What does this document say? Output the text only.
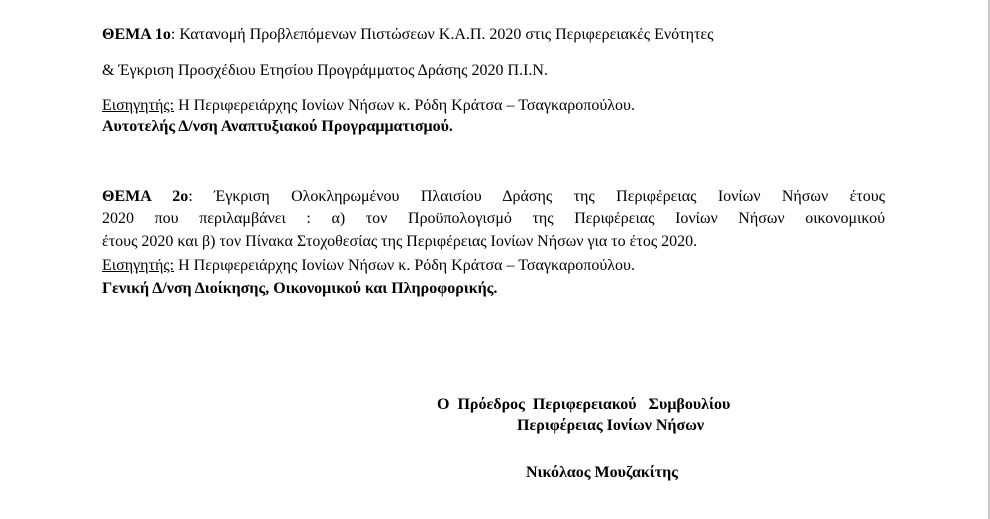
ΘΕΜΑ 1ο: Κατανομή Προβλεπόμενων Πιστώσεων Κ.Α.Π. 2020 στις Περιφερειακές Ενότητες
& Έγκριση Προσχέδιου Ετησίου Προγράμματος Δράσης 2020 Π.Ι.Ν.
Εισηγητής: Η Περιφερειάρχης Ιονίων Νήσων κ. Ρόδη Κράτσα – Τσαγκαροπούλου.
Αυτοτελής Δ/νση Αναπτυξιακού Προγραμματισμού.
ΘΕΜΑ 2ο: Έγκριση Ολοκληρωμένου Πλαισίου Δράσης της Περιφέρειας Ιονίων Νήσων έτους
2020 που περιλαμβάνει : α) τον Προϋπολογισμό της Περιφέρειας Ιονίων Νήσων οικονομικού
έτους 2020 και β) τον Πίνακα Στοχοθεσίας της Περιφέρειας Ιονίων Νήσων για το έτος 2020.
Εισηγητής: Η Περιφερειάρχης Ιονίων Νήσων κ. Ρόδη Κράτσα – Τσαγκαροπούλου.
Γενική Δ/νση Διοίκησης, Οικονομικού και Πληροφορικής.
Ο  Πρόεδρος  Περιφερειακού   Συμβουλίου
Περιφέρειας Ιονίων Νήσων
Νικόλαος Μουζακίτης
